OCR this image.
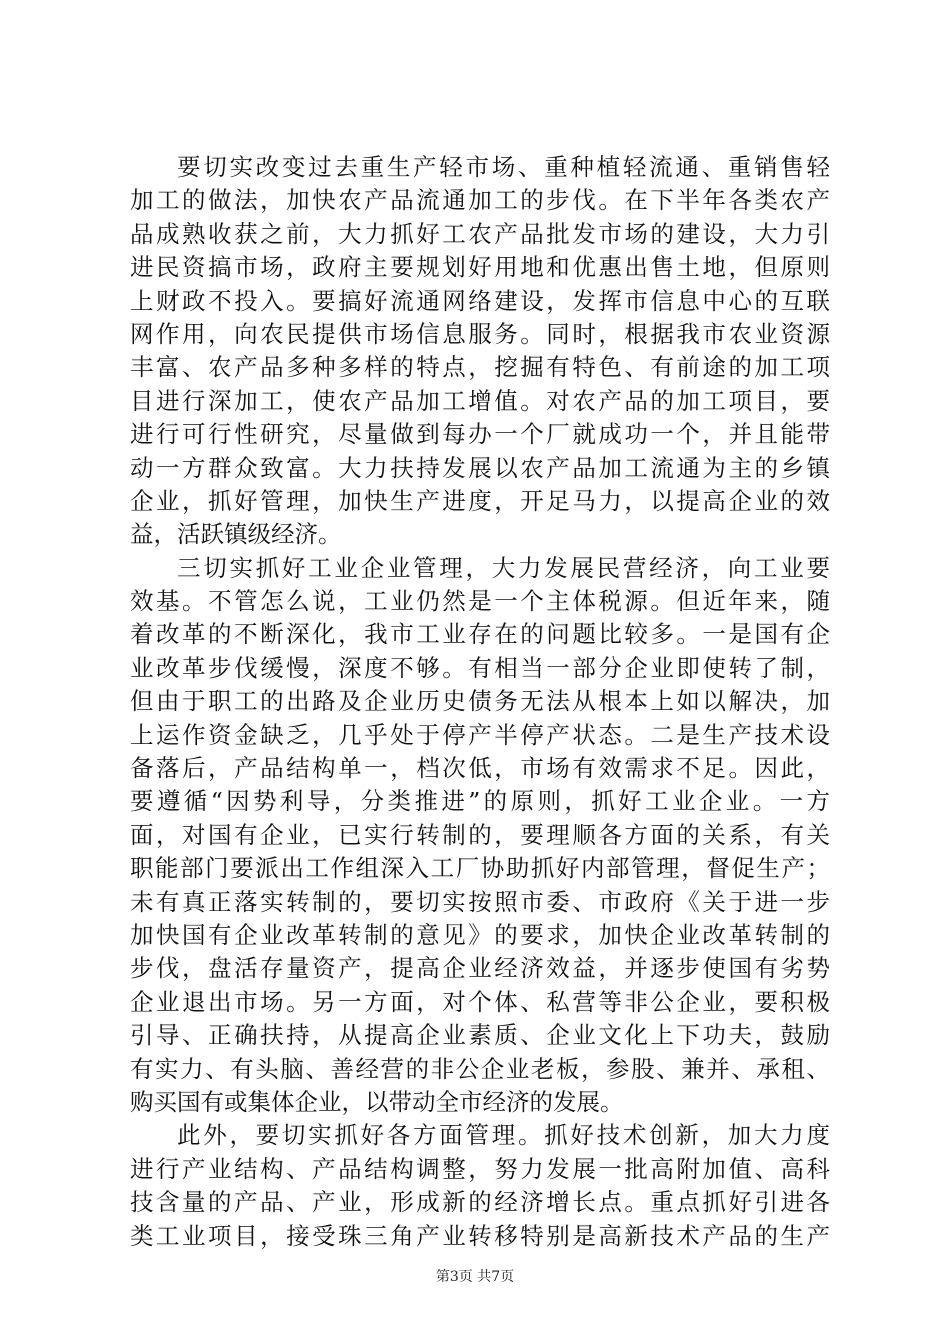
要切实改变过去重生产轻市场、重种植轻流通、重销售轻
加工的做法，加快农产品流通加工的步伐。在下半年各类农产
品成熟收获之前，大力抓好工农产品批发市场的建设，大力引
进民资搞市场，政府主要规划好用地和优惠出售土地，但原则
上财政不投入。要搞好流通网络建设，发挥市信息中心的互联
网作用，向农民提供市场信息服务。同时，根据我市农业资源
丰富、农产品多种多样的特点，挖掘有特色、有前途的加工项
目进行深加工，使农产品加工增值。对农产品的加工项目，要
进行可行性研究，尽量做到每办一个厂就成功一个，并且能带
动一方群众致富。大力扶持发展以农产品加工流通为主的乡镇
企业，抓好管理，加快生产进度，开足马力，以提高企业的效
益，活跃镇级经济。
三切实抓好工业企业管理，大力发展民营经济，向工业要
效基。不管怎么说，工业仍然是一个主体税源。但近年来，随
着改革的不断深化，我市工业存在的问题比较多。一是国有企
业改革步伐缓慢，深度不够。有相当一部分企业即使转了制，
但由于职工的出路及企业历史债务无法从根本上如以解决，加
上运作资金缺乏，几乎处于停产半停产状态。二是生产技术设
备落后，产品结构单一，档次低，市场有效需求不足。因此，
要遵循“因势利导，分类推进”的原则，抓好工业企业。一方
面，对国有企业，已实行转制的，要理顺各方面的关系，有关
职能部门要派出工作组深入工厂协助抓好内部管理，督促生产；
未有真正落实转制的，要切实按照市委、市政府《关于进一步
加快国有企业改革转制的意见》的要求，加快企业改革转制的
步伐，盘活存量资产，提高企业经济效益，并逐步使国有劣势
企业退出市场。另一方面，对个体、私营等非公企业，要积极
引导、正确扶持，从提高企业素质、企业文化上下功夫，鼓励
有实力、有头脑、善经营的非公企业老板，参股、兼并、承租、
购买国有或集体企业，以带动全市经济的发展。
此外，要切实抓好各方面管理。抓好技术创新，加大力度
进行产业结构、产品结构调整，努力发展一批高附加值、高科
技含量的产品、产业，形成新的经济增长点。重点抓好引进各
类工业项目，接受珠三角产业转移特别是高新技术产品的生产
第3页 共7页
